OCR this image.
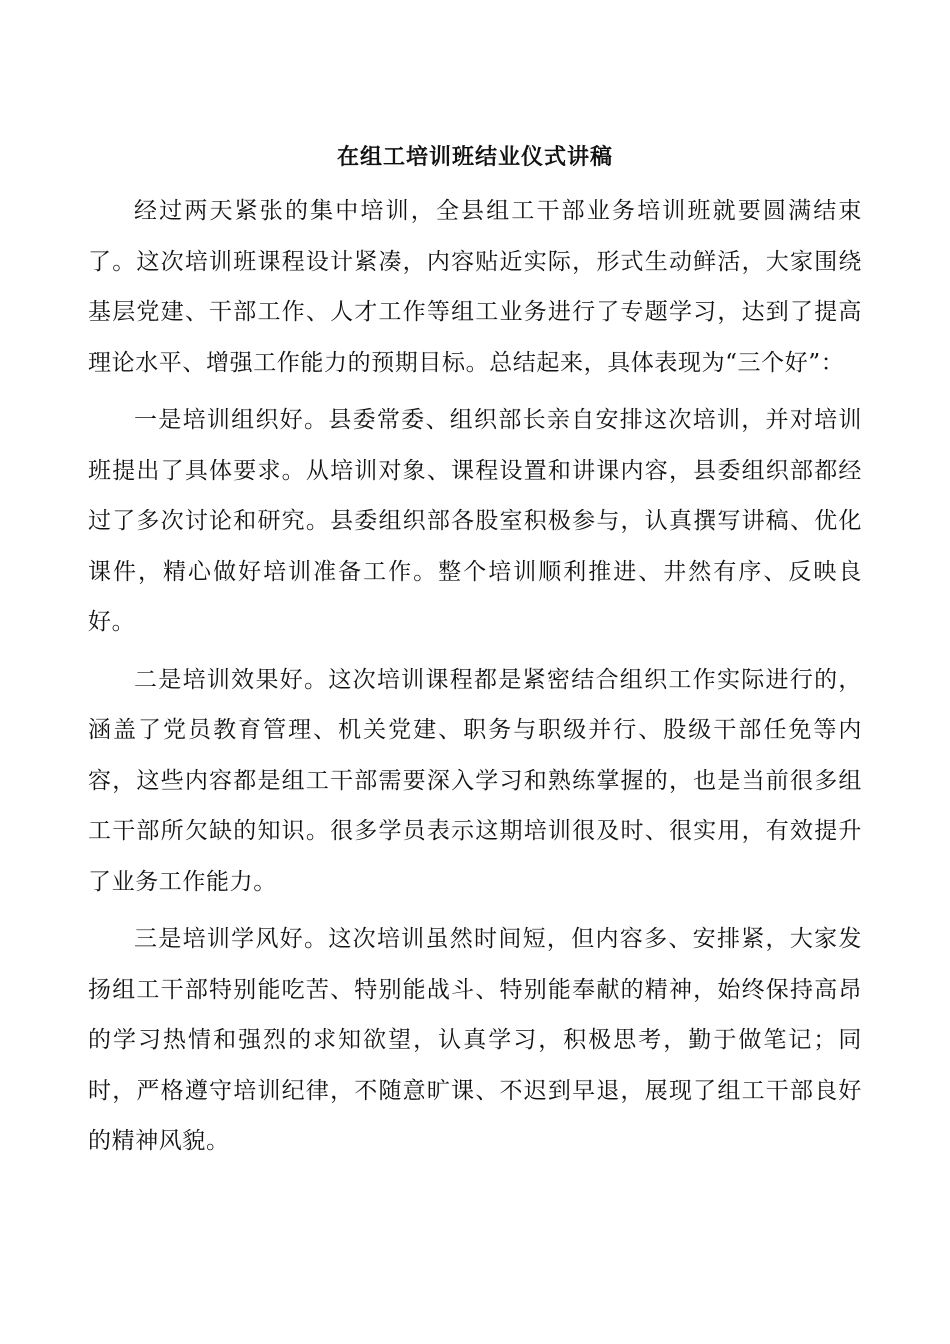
在组工培训班结业仪式讲稿

经过两天紧张的集中培训，全县组工干部业务培训班就要圆满结束了。这次培训班课程设计紧凑，内容贴近实际，形式生动鲜活，大家围绕基层党建、干部工作、人才工作等组工业务进行了专题学习，达到了提高理论水平、增强工作能力的预期目标。总结起来，具体表现为“三个好”：

一是培训组织好。县委常委、组织部长亲自安排这次培训，并对培训班提出了具体要求。从培训对象、课程设置和讲课内容，县委组织部都经过了多次讨论和研究。县委组织部各股室积极参与，认真撰写讲稿、优化课件，精心做好培训准备工作。整个培训顺利推进、井然有序、反映良好。

二是培训效果好。这次培训课程都是紧密结合组织工作实际进行的，涵盖了党员教育管理、机关党建、职务与职级并行、股级干部任免等内容，这些内容都是组工干部需要深入学习和熟练掌握的，也是当前很多组工干部所欠缺的知识。很多学员表示这期培训很及时、很实用，有效提升了业务工作能力。

三是培训学风好。这次培训虽然时间短，但内容多、安排紧，大家发扬组工干部特别能吃苦、特别能战斗、特别能奉献的精神，始终保持高昂的学习热情和强烈的求知欲望，认真学习，积极思考，勤于做笔记；同时，严格遵守培训纪律，不随意旷课、不迟到早退，展现了组工干部良好的精神风貌。
